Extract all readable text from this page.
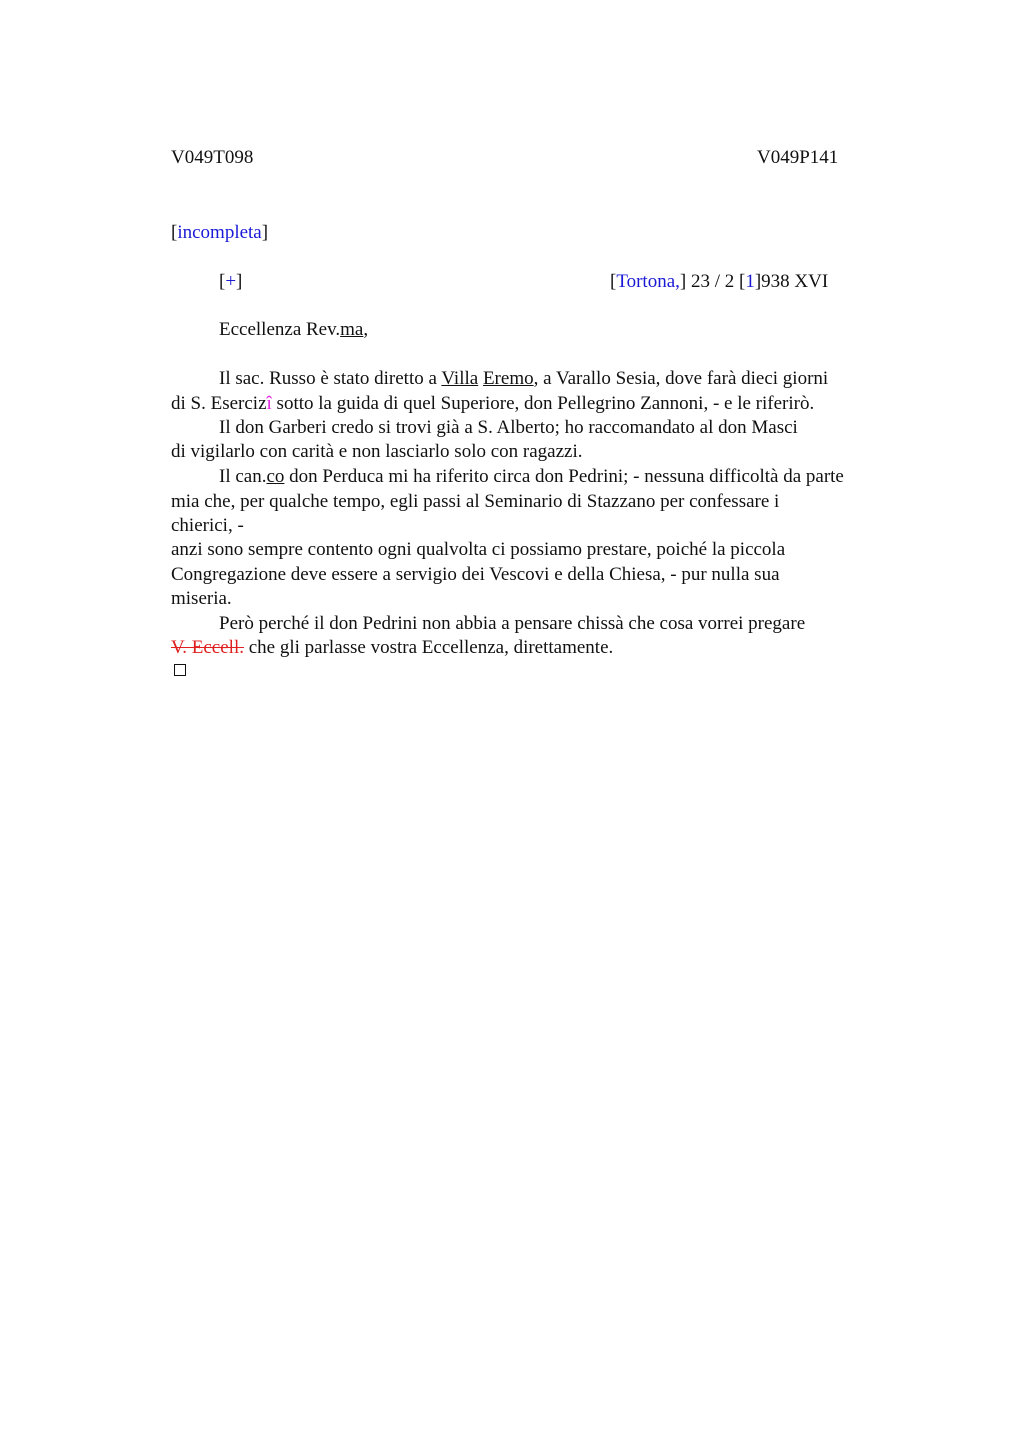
V049T098	V049P141
[incompleta]
[+]	[Tortona,] 23 / 2 [1]938 XVI
Eccellenza Rev.ma,
Il sac. Russo è stato diretto a Villa Eremo, a Varallo Sesia, dove farà dieci giorni
di S. Esercizî sotto la guida di quel Superiore, don Pellegrino Zannoni, - e le riferirò.
Il don Garberi credo si trovi già a S. Alberto; ho raccomandato al don Masci
di vigilarlo con carità e non lasciarlo solo con ragazzi.
Il can.co don Perduca mi ha riferito circa don Pedrini; - nessuna difficoltà da parte
mia che, per qualche tempo, egli passi al Seminario di Stazzano per confessare i
chierici, -
anzi sono sempre contento ogni qualvolta ci possiamo prestare, poiché la piccola
Congregazione deve essere a servigio dei Vescovi e della Chiesa, - pur nulla sua
miseria.
Però perché il don Pedrini non abbia a pensare chissà che cosa vorrei pregare
V. Eccell. che gli parlasse vostra Eccellenza, direttamente.
